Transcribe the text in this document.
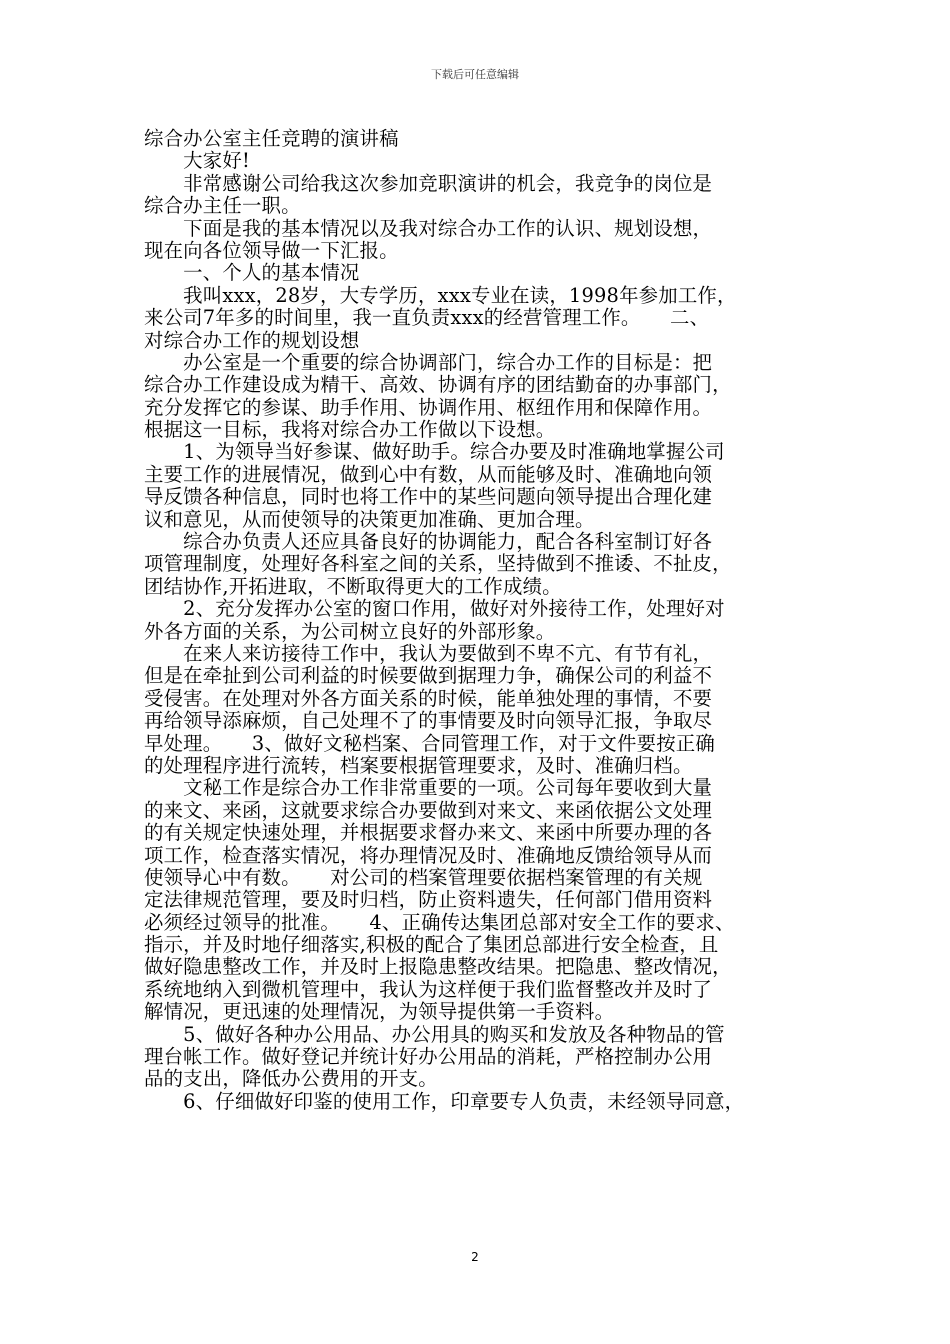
下载后可任意编辑
综合办公室主任竞聘的演讲稿
　　大家好!
　　非常感谢公司给我这次参加竞职演讲的机会，我竞争的岗位是
综合办主任一职。
　　下面是我的基本情况以及我对综合办工作的认识、规划设想，
现在向各位领导做一下汇报。
　　一、个人的基本情况
　　我叫xxx，28岁，大专学历，xxx专业在读，1998年参加工作，
来公司7年多的时间里，我一直负责xxx的经营管理工作。　　二、
对综合办工作的规划设想
　　办公室是一个重要的综合协调部门，综合办工作的目标是：把
综合办工作建设成为精干、高效、协调有序的团结勤奋的办事部门，
充分发挥它的参谋、助手作用、协调作用、枢纽作用和保障作用。
根据这一目标，我将对综合办工作做以下设想。
　　1、为领导当好参谋、做好助手。综合办要及时准确地掌握公司
主要工作的进展情况，做到心中有数，从而能够及时、准确地向领
导反馈各种信息，同时也将工作中的某些问题向领导提出合理化建
议和意见，从而使领导的决策更加准确、更加合理。
　　综合办负责人还应具备良好的协调能力，配合各科室制订好各
项管理制度，处理好各科室之间的关系，坚持做到不推诿、不扯皮，
团结协作,开拓进取，不断取得更大的工作成绩。
　　2、充分发挥办公室的窗口作用，做好对外接待工作，处理好对
外各方面的关系，为公司树立良好的外部形象。
　　在来人来访接待工作中，我认为要做到不卑不亢、有节有礼，
但是在牵扯到公司利益的时候要做到据理力争，确保公司的利益不
受侵害。在处理对外各方面关系的时候，能单独处理的事情，不要
再给领导添麻烦，自己处理不了的事情要及时向领导汇报，争取尽
早处理。　　3、做好文秘档案、合同管理工作，对于文件要按正确
的处理程序进行流转，档案要根据管理要求，及时、准确归档。
　　文秘工作是综合办工作非常重要的一项。公司每年要收到大量
的来文、来函，这就要求综合办要做到对来文、来函依据公文处理
的有关规定快速处理，并根据要求督办来文、来函中所要办理的各
项工作，检查落实情况，将办理情况及时、准确地反馈给领导从而
使领导心中有数。　　对公司的档案管理要依据档案管理的有关规
定法律规范管理，要及时归档，防止资料遗失，任何部门借用资料
必须经过领导的批准。　　4、正确传达集团总部对安全工作的要求、
指示，并及时地仔细落实,积极的配合了集团总部进行安全检查，且
做好隐患整改工作，并及时上报隐患整改结果。把隐患、整改情况，
系统地纳入到微机管理中，我认为这样便于我们监督整改并及时了
解情况，更迅速的处理情况，为领导提供第一手资料。
　　5、做好各种办公用品、办公用具的购买和发放及各种物品的管
理台帐工作。做好登记并统计好办公用品的消耗，严格控制办公用
品的支出，降低办公费用的开支。
　　6、仔细做好印鉴的使用工作，印章要专人负责，未经领导同意，
2
